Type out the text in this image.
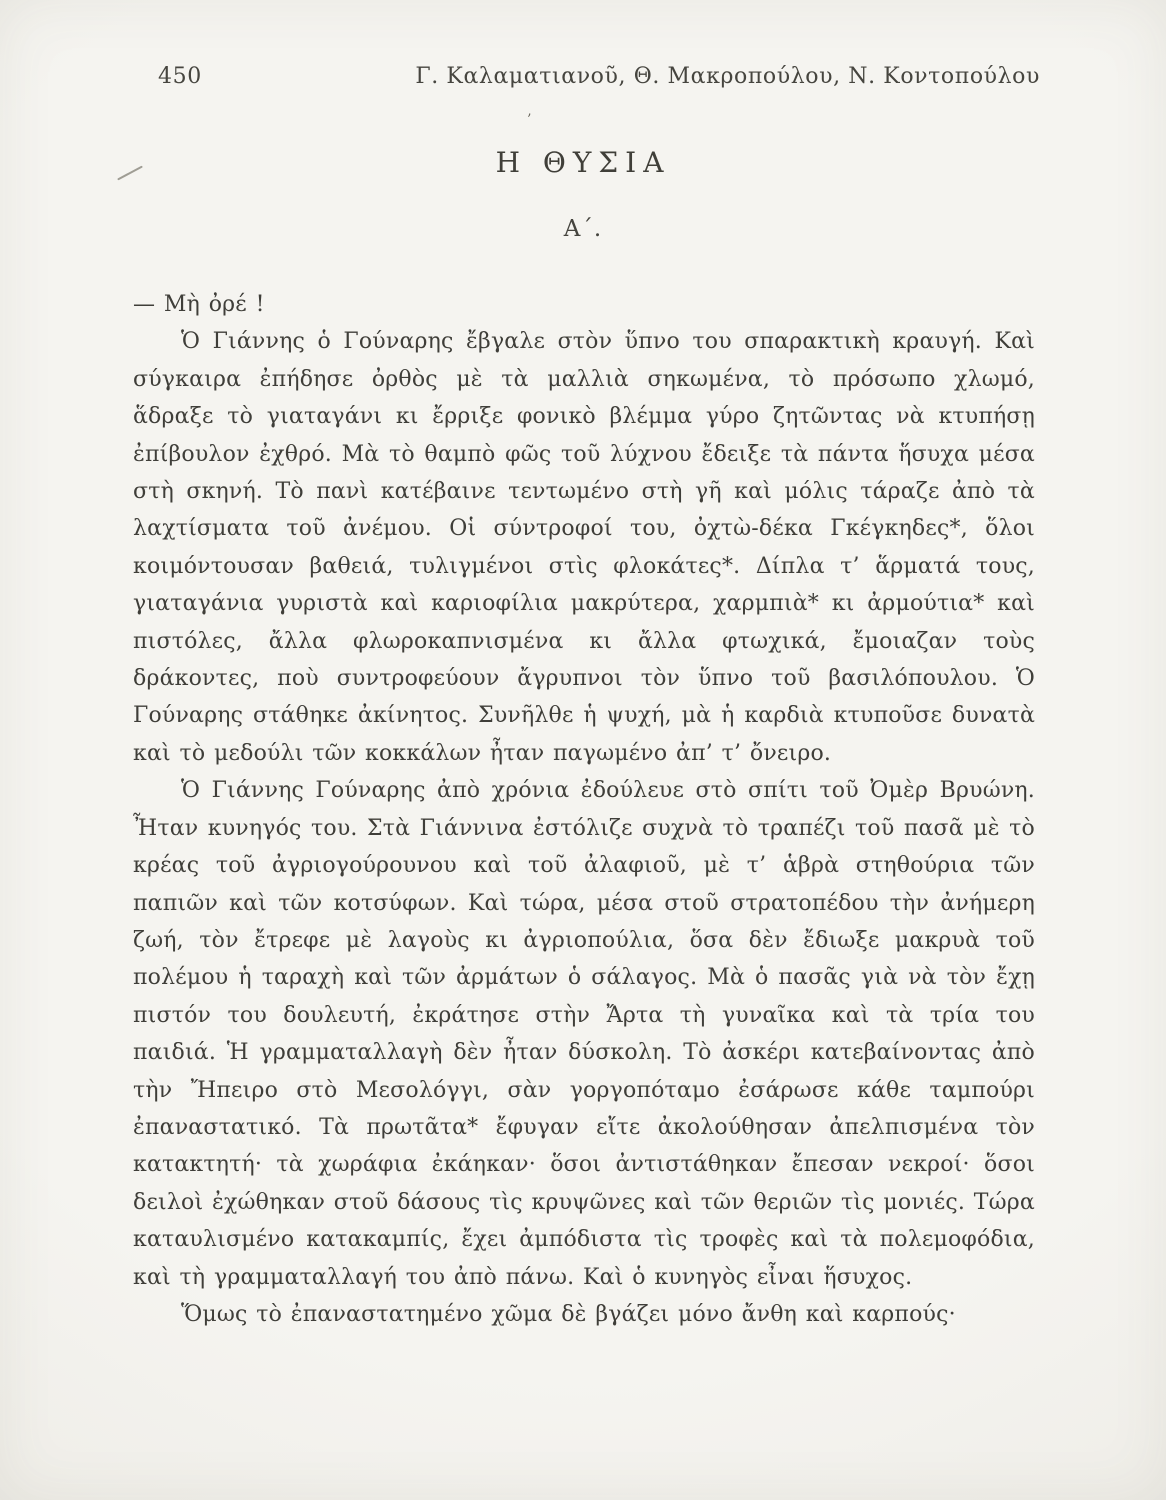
450	Γ. Καλαματιανοῦ, Θ. Μακροπούλου, Ν. Κοντοπούλου
’
Η ΘΥΣΙΑ
Α΄.

— Μὴ ὀρέ !

Ὁ Γιάννης ὁ Γούναρης ἔβγαλε στὸν ὕπνο του σπαρακτικὴ κραυγή. Καὶ σύγκαιρα ἐπήδησε ὀρθὸς μὲ τὰ μαλλιὰ σηκωμένα, τὸ πρόσωπο χλωμό, ἅδραξε τὸ γιαταγάνι κι ἔρριξε φονικὸ βλέμμα γύρο ζητῶντας νὰ κτυπήσῃ ἐπίβουλον ἐχθρό. Μὰ τὸ θαμπὸ φῶς τοῦ λύχνου ἔδειξε τὰ πάντα ἥσυχα μέσα στὴ σκηνή. Τὸ πανὶ κατέβαινε τεντωμένο στὴ γῆ καὶ μόλις τάραζε ἀπὸ τὰ λαχτίσματα τοῦ ἀνέμου. Οἱ σύντροφοί του, ὀχτὼ-δέκα Γκέγκηδες*, ὅλοι κοιμόντουσαν βαθειά, τυλιγμένοι στὶς φλοκάτες*. Δίπλα τ’ ἅρματά τους, γιαταγάνια γυριστὰ καὶ καριοφίλια μακρύτερα, χαρμπιὰ* κι ἀρμούτια* καὶ πιστόλες, ἄλλα φλωροκαπνισμένα κι ἄλλα φτωχικά, ἔμοιαζαν τοὺς δράκοντες, ποὺ συντροφεύουν ἄγρυπνοι τὸν ὕπνο τοῦ βασιλόπουλου. Ὁ Γούναρης στάθηκε ἀκίνητος. Συνῆλθε ἡ ψυχή, μὰ ἡ καρδιὰ κτυποῦσε δυνατὰ καὶ τὸ μεδούλι τῶν κοκκάλων ἦταν παγωμένο ἀπ’ τ’ ὄνειρο.

Ὁ Γιάννης Γούναρης ἀπὸ χρόνια ἐδούλευε στὸ σπίτι τοῦ Ὀμὲρ Βρυώνη. Ἦταν κυνηγός του. Στὰ Γιάννινα ἐστόλιζε συχνὰ τὸ τραπέζι τοῦ πασᾶ μὲ τὸ κρέας τοῦ ἀγριογούρουνου καὶ τοῦ ἀλαφιοῦ, μὲ τ’ ἁβρὰ στηθούρια τῶν παπιῶν καὶ τῶν κοτσύφων. Καὶ τώρα, μέσα στοῦ στρατοπέδου τὴν ἀνήμερη ζωή, τὸν ἔτρεφε μὲ λαγοὺς κι ἀγριοπούλια, ὅσα δὲν ἔδιωξε μακρυὰ τοῦ πολέμου ἡ ταραχὴ καὶ τῶν ἀρμάτων ὁ σάλαγος. Μὰ ὁ πασᾶς γιὰ νὰ τὸν ἔχῃ πιστόν του δουλευτή, ἐκράτησε στὴν Ἄρτα τὴ γυναῖκα καὶ τὰ τρία του παιδιά. Ἡ γραμματαλλαγὴ δὲν ἦταν δύσκολη. Τὸ ἀσκέρι κατεβαίνοντας ἀπὸ τὴν Ἤπειρο στὸ Μεσολόγγι, σὰν γοργοπόταμο ἐσάρωσε κάθε ταμπούρι ἐπαναστατικό. Τὰ πρωτᾶτα* ἔφυγαν εἴτε ἀκολούθησαν ἀπελπισμένα τὸν κατακτητή· τὰ χωράφια ἐκάηκαν· ὅσοι ἀντιστάθηκαν ἔπεσαν νεκροί· ὅσοι δειλοὶ ἐχώθηκαν στοῦ δάσους τὶς κρυψῶνες καὶ τῶν θεριῶν τὶς μονιές. Τώρα καταυλισμένο κατακαμπίς, ἔχει ἀμπόδιστα τὶς τροφὲς καὶ τὰ πολεμοφόδια, καὶ τὴ γραμματαλλαγή του ἀπὸ πάνω. Καὶ ὁ κυνηγὸς εἶναι ἥσυχος.

Ὅμως τὸ ἐπαναστατημένο χῶμα δὲ βγάζει μόνο ἄνθη καὶ καρπούς·
